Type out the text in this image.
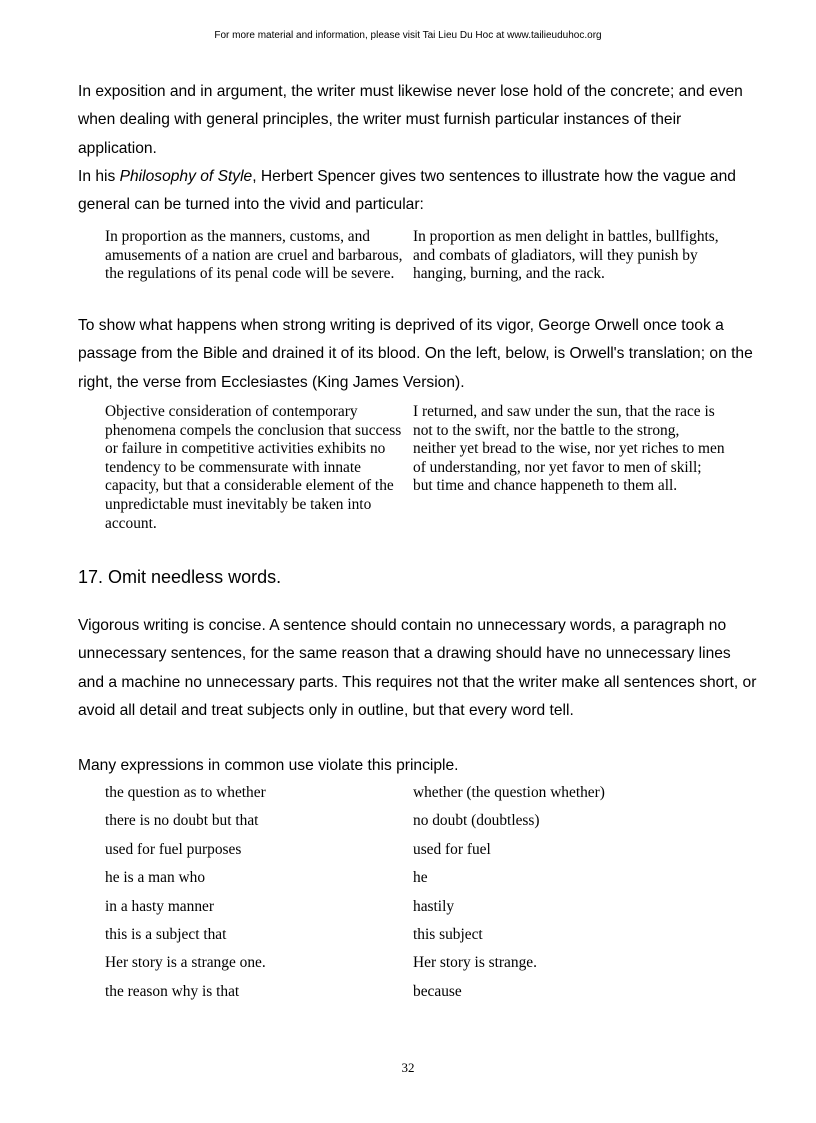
For more material and information, please visit Tai Lieu Du Hoc at www.tailieuduhoc.org

In exposition and in argument, the writer must likewise never lose hold of the concrete; and even when dealing with general principles, the writer must furnish particular instances of their application.

In his Philosophy of Style, Herbert Spencer gives two sentences to illustrate how the vague and general can be turned into the vivid and particular:

In proportion as the manners, customs, and amusements of a nation are cruel and barbarous, the regulations of its penal code will be severe.
In proportion as men delight in battles, bullfights, and combats of gladiators, will they punish by hanging, burning, and the rack.

To show what happens when strong writing is deprived of its vigor, George Orwell once took a passage from the Bible and drained it of its blood. On the left, below, is Orwell's translation; on the right, the verse from Ecclesiastes (King James Version).

Objective consideration of contemporary phenomena compels the conclusion that success or failure in competitive activities exhibits no tendency to be commensurate with innate capacity, but that a considerable element of the unpredictable must inevitably be taken into account.
I returned, and saw under the sun, that the race is not to the swift, nor the battle to the strong, neither yet bread to the wise, nor yet riches to men of understanding, nor yet favor to men of skill; but time and chance happeneth to them all.
17. Omit needless words.

Vigorous writing is concise. A sentence should contain no unnecessary words, a paragraph no unnecessary sentences, for the same reason that a drawing should have no unnecessary lines and a machine no unnecessary parts. This requires not that the writer make all sentences short, or avoid all detail and treat subjects only in outline, but that every word tell.

Many expressions in common use violate this principle.

the question as to whether	whether (the question whether)
there is no doubt but that	no doubt (doubtless)
used for fuel purposes	used for fuel
he is a man who	he
in a hasty manner	hastily
this is a subject that	this subject
Her story is a strange one.	Her story is strange.
the reason why is that	because
32
